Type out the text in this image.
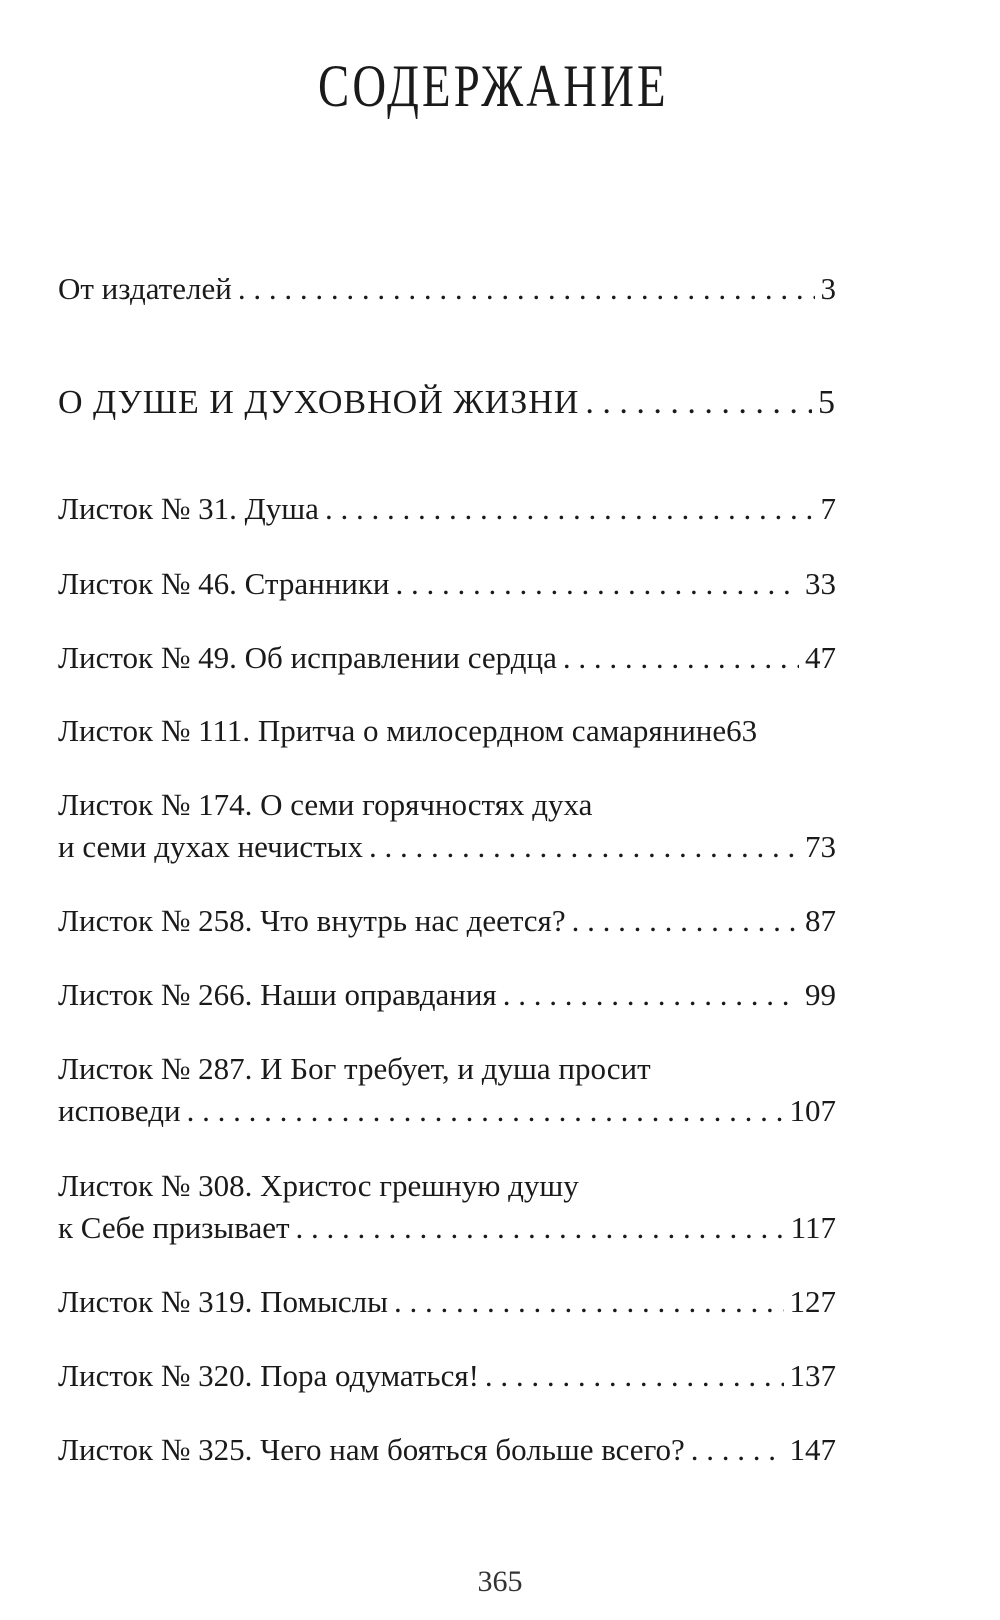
СОДЕРЖАНИЕ
От издателей . . .	3
О ДУШЕ И ДУХОВНОЙ ЖИЗНИ . . .	5
Листок № 31. Душа . . .	7
Листок № 46. Странники . . .	33
Листок № 49. Об исправлении сердца . . .	47
Листок № 111. Притча о милосердном самарянине 63
Листок № 174. О семи горячностях духа
и семи духах нечистых . . .	73
Листок № 258. Что внутрь нас деется? . . .	87
Листок № 266. Наши оправдания . . .	99
Листок № 287. И Бог требует, и душа просит
исповеди . . .	107
Листок № 308. Христос грешную душу
к Себе призывает . . .	117
Листок № 319. Помыслы . . .	127
Листок № 320. Пора одуматься! . . .	137
Листок № 325. Чего нам бояться больше всего? . . .	147
365
